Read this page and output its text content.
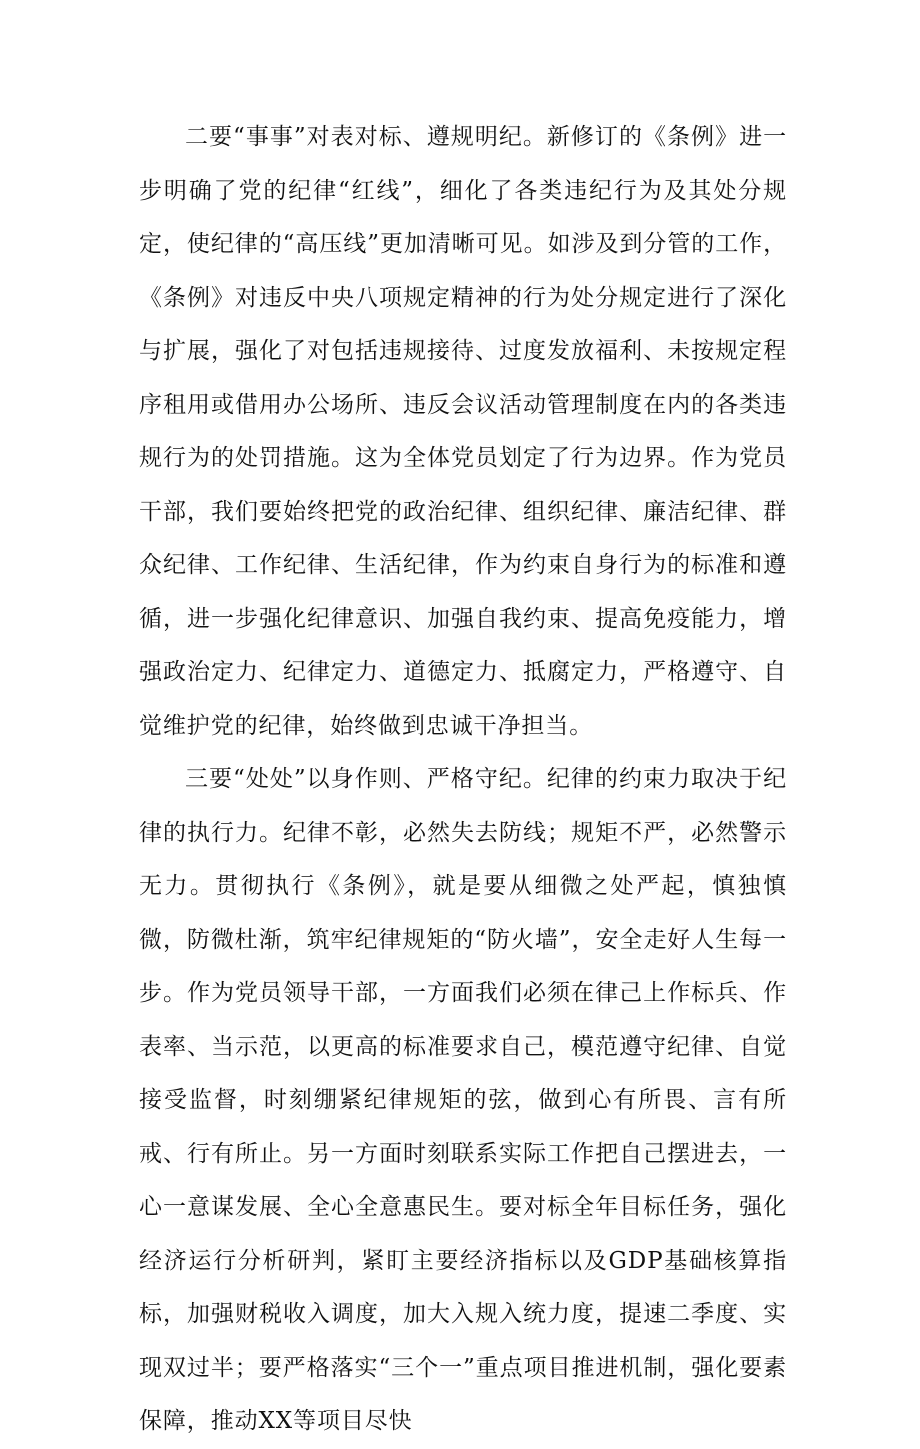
二要“事事”对表对标、遵规明纪。新修订的《条例》进一步明确了党的纪律“红线”，细化了各类违纪行为及其处分规定，使纪律的“高压线”更加清晰可见。如涉及到分管的工作，《条例》对违反中央八项规定精神的行为处分规定进行了深化与扩展，强化了对包括违规接待、过度发放福利、未按规定程序租用或借用办公场所、违反会议活动管理制度在内的各类违规行为的处罚措施。这为全体党员划定了行为边界。作为党员干部，我们要始终把党的政治纪律、组织纪律、廉洁纪律、群众纪律、工作纪律、生活纪律，作为约束自身行为的标准和遵循，进一步强化纪律意识、加强自我约束、提高免疫能力，增强政治定力、纪律定力、道德定力、抵腐定力，严格遵守、自觉维护党的纪律，始终做到忠诚干净担当。

三要“处处”以身作则、严格守纪。纪律的约束力取决于纪律的执行力。纪律不彰，必然失去防线；规矩不严，必然警示无力。贯彻执行《条例》，就是要从细微之处严起，慎独慎微，防微杜渐，筑牢纪律规矩的“防火墙”，安全走好人生每一步。作为党员领导干部，一方面我们必须在律己上作标兵、作表率、当示范，以更高的标准要求自己，模范遵守纪律、自觉接受监督，时刻绷紧纪律规矩的弦，做到心有所畏、言有所戒、行有所止。另一方面时刻联系实际工作把自己摆进去，一心一意谋发展、全心全意惠民生。要对标全年目标任务，强化经济运行分析研判，紧盯主要经济指标以及GDP基础核算指标，加强财税收入调度，加大入规入统力度，提速二季度、实现双过半；要严格落实“三个一”重点项目推进机制，强化要素保障，推动XX等项目尽快
